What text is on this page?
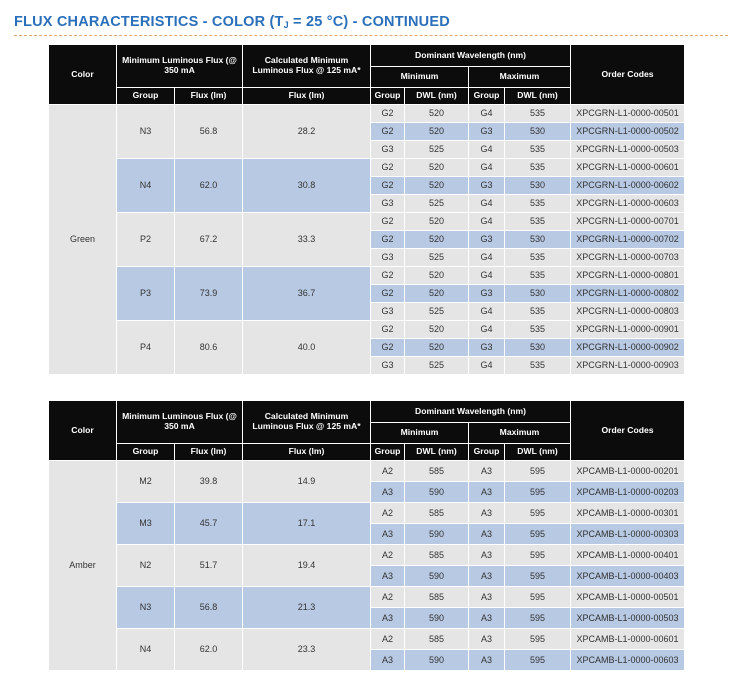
FLUX CHARACTERISTICS - COLOR ($T_J = 25$ °C) - CONTINUED
Color	Minimum Luminous Flux (@ 350 mA		Calculated Minimum Luminous Flux @ 125 mA*	Dominant Wavelength (nm)				Order Codes
				Minimum		Maximum		
	Group	Flux (lm)	Flux (lm)	Group	DWL (nm)	Group	DWL (nm)	
Green	N3	56.8	28.2	G2	520	G4	535	XPCGRN-L1-0000-00501
				G2	520	G3	530	XPCGRN-L1-0000-00502
				G3	525	G4	535	XPCGRN-L1-0000-00503
	N4	62.0	30.8	G2	520	G4	535	XPCGRN-L1-0000-00601
				G2	520	G3	530	XPCGRN-L1-0000-00602
				G3	525	G4	535	XPCGRN-L1-0000-00603
	P2	67.2	33.3	G2	520	G4	535	XPCGRN-L1-0000-00701
				G2	520	G3	530	XPCGRN-L1-0000-00702
				G3	525	G4	535	XPCGRN-L1-0000-00703
	P3	73.9	36.7	G2	520	G4	535	XPCGRN-L1-0000-00801
				G2	520	G3	530	XPCGRN-L1-0000-00802
				G3	525	G4	535	XPCGRN-L1-0000-00803
	P4	80.6	40.0	G2	520	G4	535	XPCGRN-L1-0000-00901
				G2	520	G3	530	XPCGRN-L1-0000-00902
				G3	525	G4	535	XPCGRN-L1-0000-00903
Color	Minimum Luminous Flux (@ 350 mA		Calculated Minimum Luminous Flux @ 125 mA*	Dominant Wavelength (nm)				Order Codes
				Minimum		Maximum		
	Group	Flux (lm)	Flux (lm)	Group	DWL (nm)	Group	DWL (nm)	
Amber	M2	39.8	14.9	A2	585	A3	595	XPCAMB-L1-0000-00201
				A3	590	A3	595	XPCAMB-L1-0000-00203
	M3	45.7	17.1	A2	585	A3	595	XPCAMB-L1-0000-00301
				A3	590	A3	595	XPCAMB-L1-0000-00303
	N2	51.7	19.4	A2	585	A3	595	XPCAMB-L1-0000-00401
				A3	590	A3	595	XPCAMB-L1-0000-00403
	N3	56.8	21.3	A2	585	A3	595	XPCAMB-L1-0000-00501
				A3	590	A3	595	XPCAMB-L1-0000-00503
	N4	62.0	23.3	A2	585	A3	595	XPCAMB-L1-0000-00601
				A3	590	A3	595	XPCAMB-L1-0000-00603
